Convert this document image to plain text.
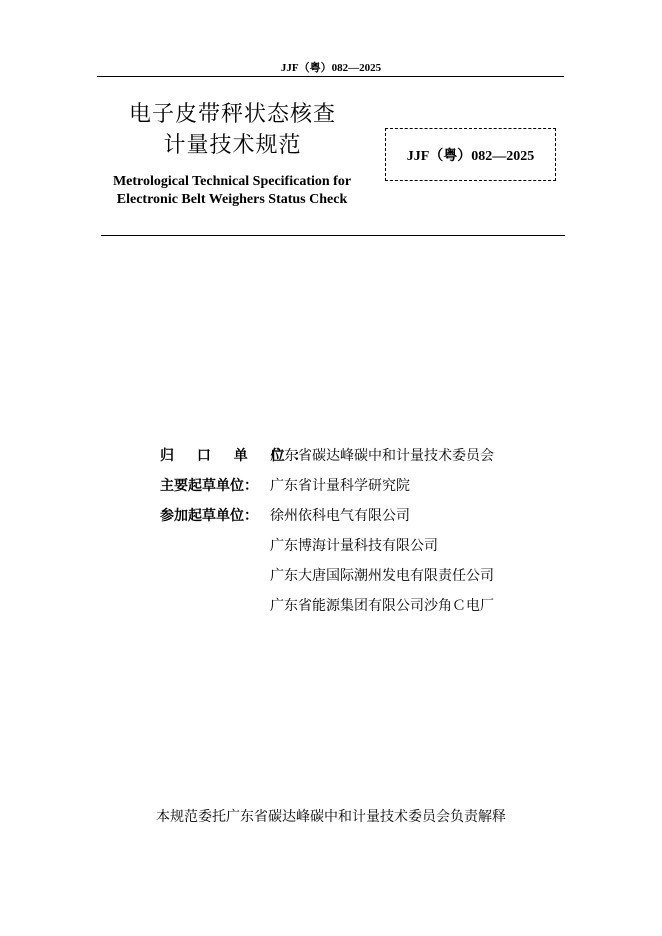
JJF（粤）082—2025
电子皮带秤状态核查
计量技术规范
Metrological Technical Specification for
Electronic Belt Weighers Status Check
JJF（粤）082—2025
归 口 单 位：
广东省碳达峰碳中和计量技术委员会
主要起草单位： 广东省计量科学研究院
参加起草单位： 徐州依科电气有限公司
广东博海计量科技有限公司
广东大唐国际潮州发电有限责任公司
广东省能源集团有限公司沙角Ｃ电厂
本规范委托广东省碳达峰碳中和计量技术委员会负责解释
